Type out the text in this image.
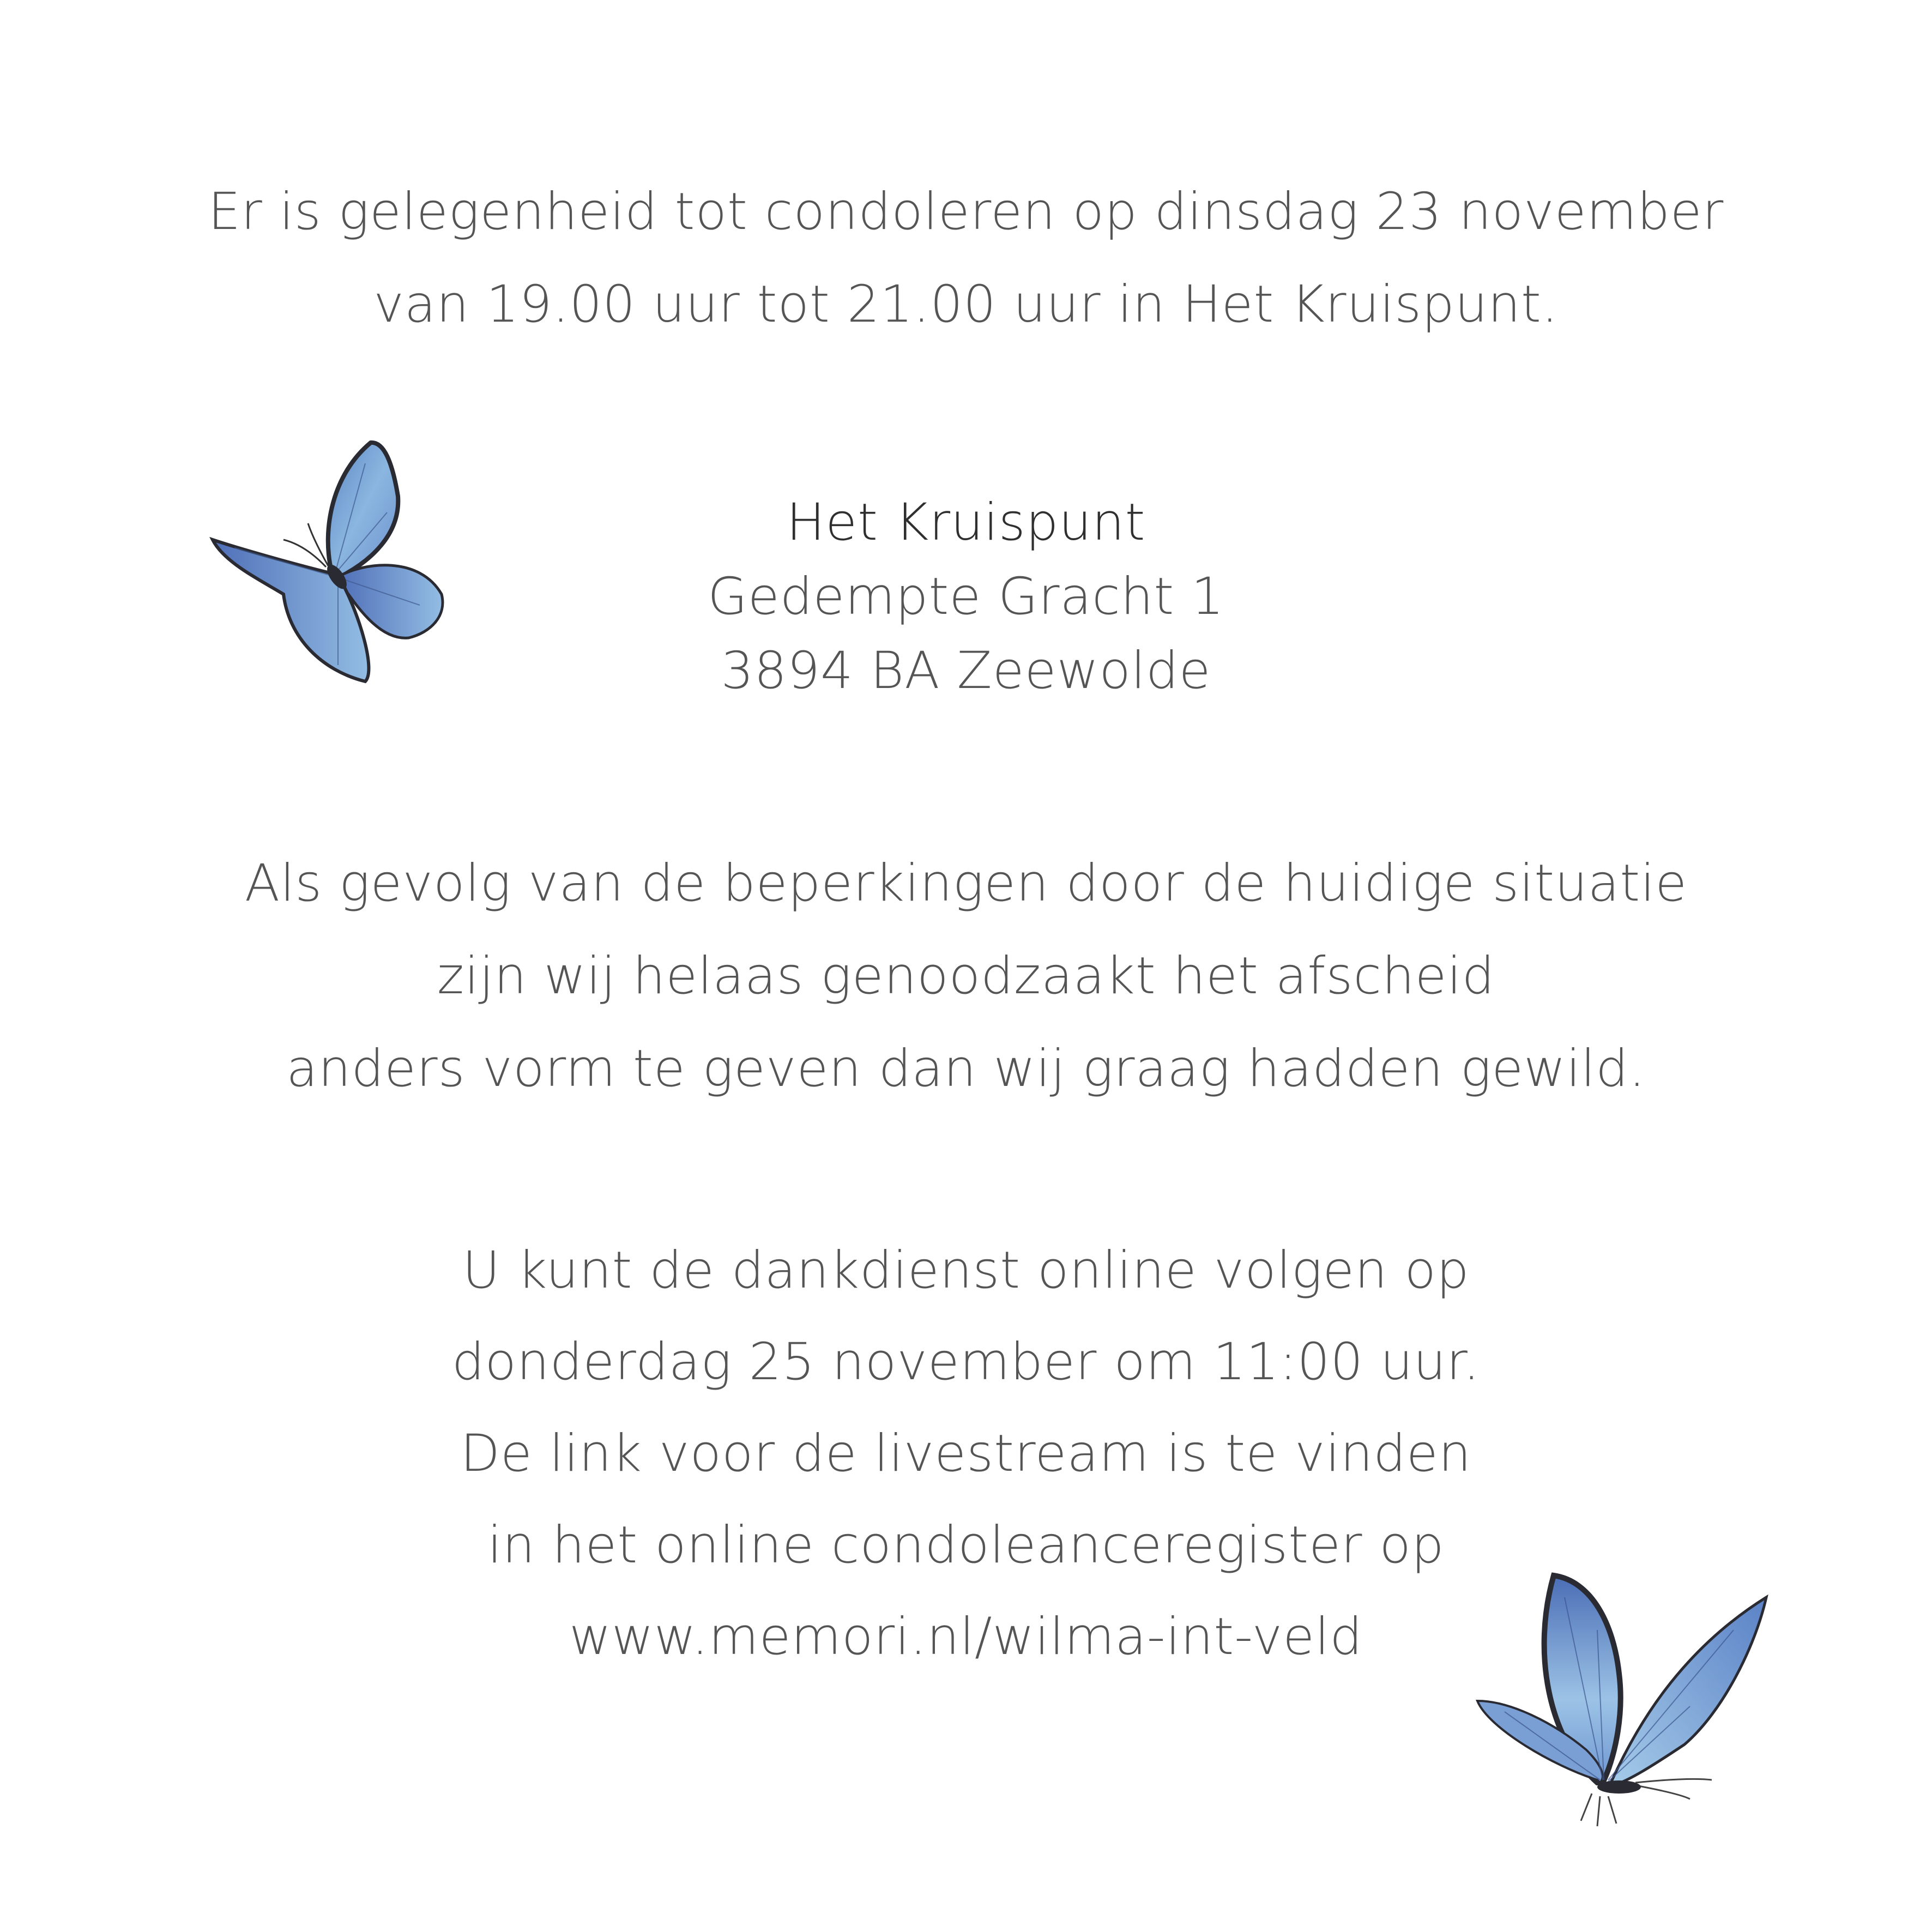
Er is gelegenheid tot condoleren op dinsdag 23 november
van 19.00 uur tot 21.00 uur in Het Kruispunt.
Het Kruispunt
Gedempte Gracht 1
3894 BA Zeewolde
Als gevolg van de beperkingen door de huidige situatie
zijn wij helaas genoodzaakt het afscheid
anders vorm te geven dan wij graag hadden gewild.
U kunt de dankdienst online volgen op
donderdag 25 november om 11:00 uur.
De link voor de livestream is te vinden
in het online condoleanceregister op
www.memori.nl/wilma-int-veld
